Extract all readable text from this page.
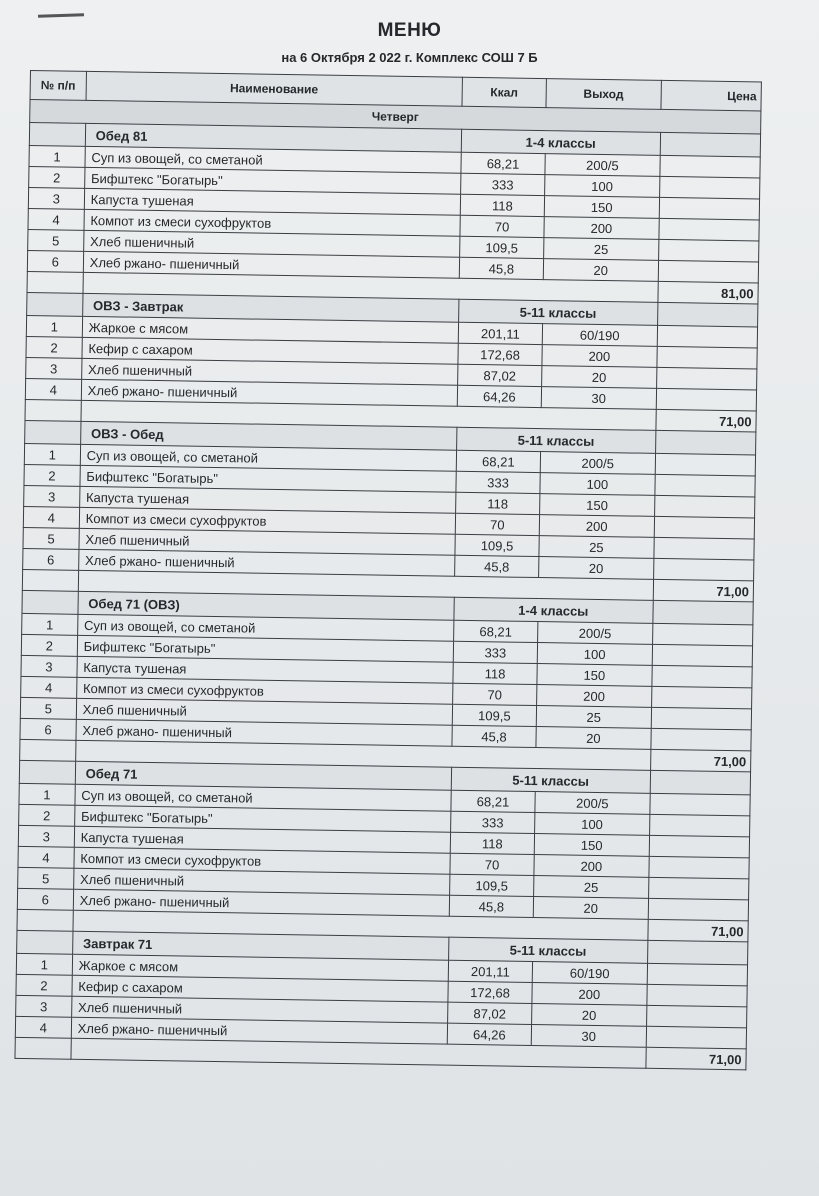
МЕНЮ
на 6 Октября 2 022 г. Комплекс СОШ 7 Б
№ п/п	Наименование	Ккал	Выход	Цена
Четверг				
	Обед 81	1-4 классы		
1	Суп из овощей, со сметаной	68,21	200/5	
2	Бифштекс "Богатырь"	333	100	
3	Капуста тушеная	118	150	
4	Компот из смеси сухофруктов	70	200	
5	Хлеб пшеничный	109,5	25	
6	Хлеб ржано- пшеничный	45,8	20	
				81,00
	ОВЗ - Завтрак	5-11 классы		
1	Жаркое с мясом	201,11	60/190	
2	Кефир с сахаром	172,68	200	
3	Хлеб пшеничный	87,02	20	
4	Хлеб ржано- пшеничный	64,26	30	
				71,00
	ОВЗ - Обед	5-11 классы		
1	Суп из овощей, со сметаной	68,21	200/5	
2	Бифштекс "Богатырь"	333	100	
3	Капуста тушеная	118	150	
4	Компот из смеси сухофруктов	70	200	
5	Хлеб пшеничный	109,5	25	
6	Хлеб ржано- пшеничный	45,8	20	
				71,00
	Обед 71 (ОВЗ)	1-4 классы		
1	Суп из овощей, со сметаной	68,21	200/5	
2	Бифштекс "Богатырь"	333	100	
3	Капуста тушеная	118	150	
4	Компот из смеси сухофруктов	70	200	
5	Хлеб пшеничный	109,5	25	
6	Хлеб ржано- пшеничный	45,8	20	
				71,00
	Обед 71	5-11 классы		
1	Суп из овощей, со сметаной	68,21	200/5	
2	Бифштекс "Богатырь"	333	100	
3	Капуста тушеная	118	150	
4	Компот из смеси сухофруктов	70	200	
5	Хлеб пшеничный	109,5	25	
6	Хлеб ржано- пшеничный	45,8	20	
				71,00
	Завтрак 71	5-11 классы		
1	Жаркое с мясом	201,11	60/190	
2	Кефир с сахаром	172,68	200	
3	Хлеб пшеничный	87,02	20	
4	Хлеб ржано- пшеничный	64,26	30	
				71,00
